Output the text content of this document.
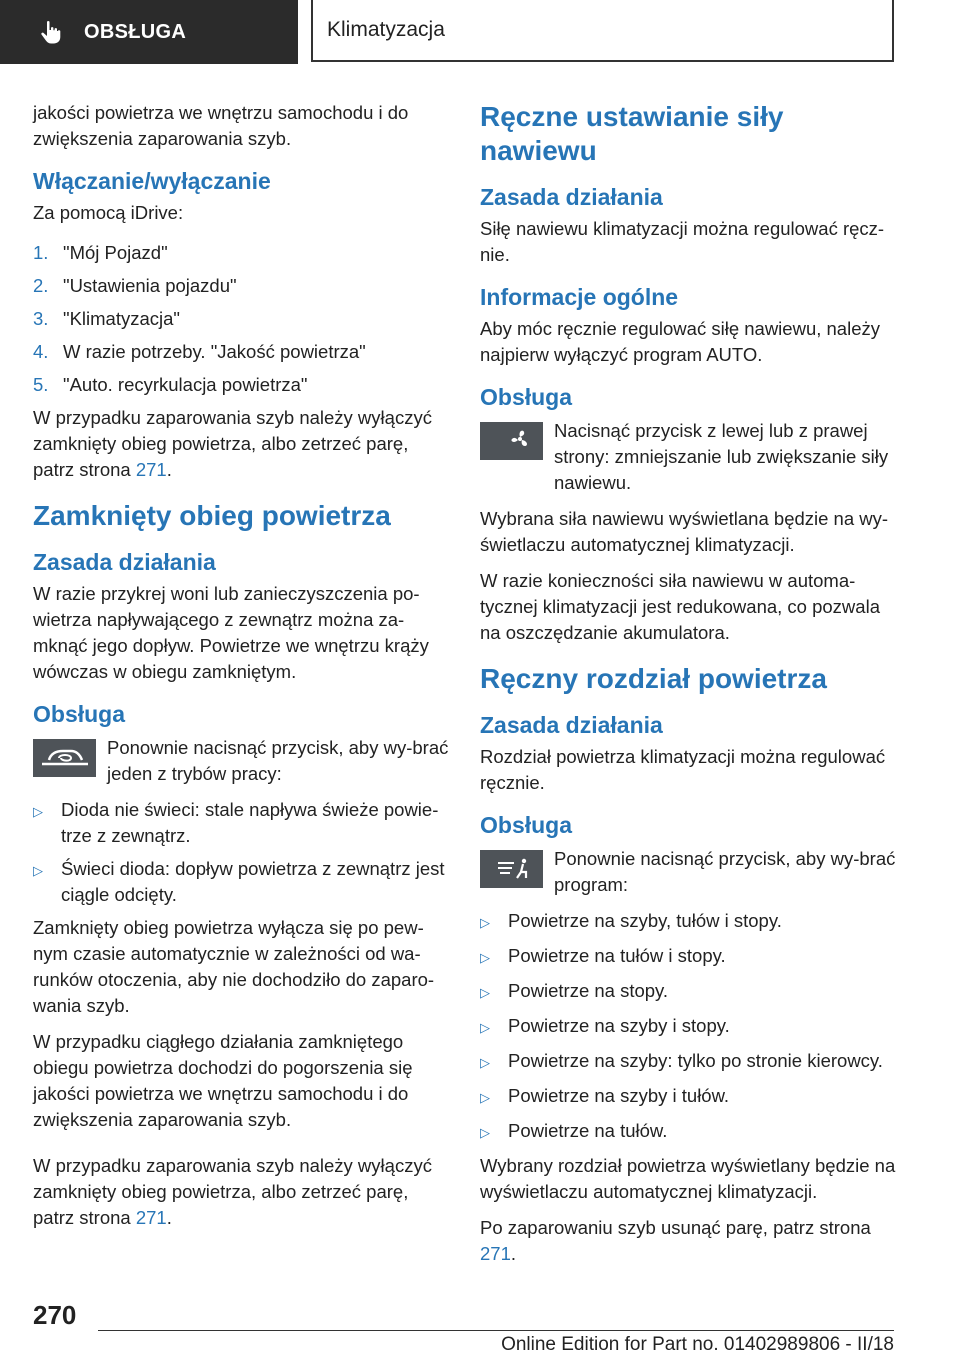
OBSŁUGA	Klimatyzacja

jakości powietrza we wnętrzu samochodu i do zwiększenia zaparowania szyb.

Włączanie/wyłączanie

Za pomocą iDrive:

1. "Mój Pojazd"
2. "Ustawienia pojazdu"
3. "Klimatyzacja"
4. W razie potrzeby. "Jakość powietrza"
5. "Auto. recyrkulacja powietrza"

W przypadku zaparowania szyb należy wyłączyć zamknięty obieg powietrza, albo zetrzeć parę, patrz strona 271.

Zamknięty obieg powietrza
Zasada działania

W razie przykrej woni lub zanieczyszczenia po-wietrza napływającego z zewnątrz można za-mknąć jego dopływ. Powietrze we wnętrzu krąży wówczas w obiegu zamkniętym.

Obsługa

Ponownie nacisnąć przycisk, aby wy-brać jeden z trybów pracy:

▷ Dioda nie świeci: stale napływa świeże powie-trze z zewnątrz.
▷ Świeci dioda: dopływ powietrza z zewnątrz jest ciągle odcięty.

Zamknięty obieg powietrza wyłącza się po pew-nym czasie automatycznie w zależności od wa-runków otoczenia, aby nie dochodziło do zaparo-wania szyb.

W przypadku ciągłego działania zamkniętego obiegu powietrza dochodzi do pogorszenia się jakości powietrza we wnętrzu samochodu i do zwiększenia zaparowania szyb.

W przypadku zaparowania szyb należy wyłączyć zamknięty obieg powietrza, albo zetrzeć parę, patrz strona 271.

Ręczne ustawianie siły nawiewu
Zasada działania

Siłę nawiewu klimatyzacji można regulować ręcz-nie.

Informacje ogólne

Aby móc ręcznie regulować siłę nawiewu, należy najpierw wyłączyć program AUTO.

Obsługa

Nacisnąć przycisk z lewej lub z prawej strony: zmniejszanie lub zwiększanie siły nawiewu.

Wybrana siła nawiewu wyświetlana będzie na wy-świetlaczu automatycznej klimatyzacji.

W razie konieczności siła nawiewu w automa-tycznej klimatyzacji jest redukowana, co pozwala na oszczędzanie akumulatora.

Ręczny rozdział powietrza
Zasada działania

Rozdział powietrza klimatyzacji można regulować ręcznie.

Obsługa

Ponownie nacisnąć przycisk, aby wy-brać program:

▷ Powietrze na szyby, tułów i stopy.
▷ Powietrze na tułów i stopy.
▷ Powietrze na stopy.
▷ Powietrze na szyby i stopy.
▷ Powietrze na szyby: tylko po stronie kierowcy.
▷ Powietrze na szyby i tułów.
▷ Powietrze na tułów.

Wybrany rozdział powietrza wyświetlany będzie na wyświetlaczu automatycznej klimatyzacji.

Po zaparowaniu szyb usunąć parę, patrz strona 271.

270
Online Edition for Part no. 01402989806 - II/18
